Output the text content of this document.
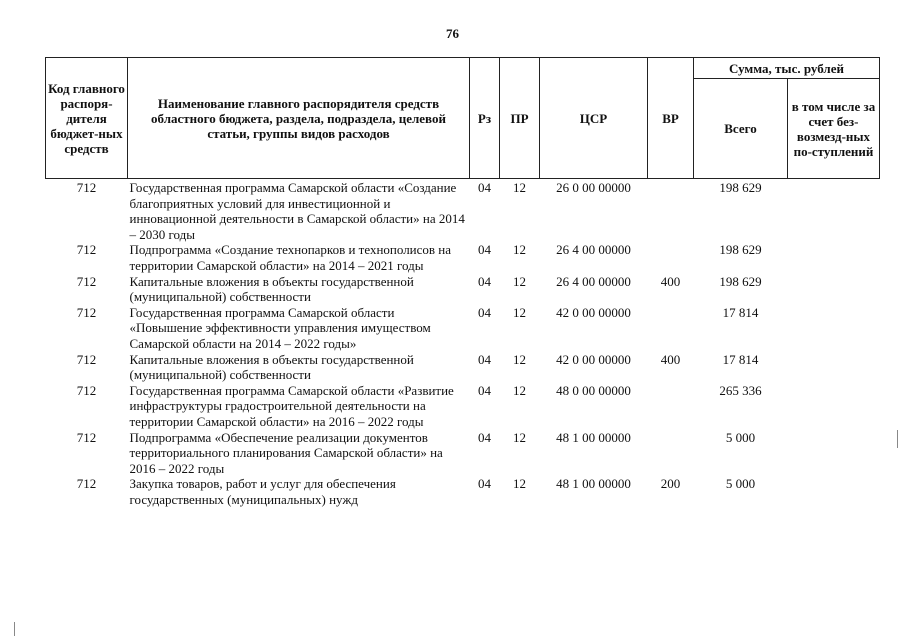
76
Код главного распоря-дителя бюджет-ных средств	Наименование главного распорядителя средств областного бюджета, раздела, подраздела, целевой статьи, группы видов расходов	Рз	ПР	ЦСР	ВР	Сумма, тыс. рублей	
						Всего	в том числе за счет без-возмезд-ных по-ступлений
712	Государственная программа Самарской области «Создание благоприятных условий для инвестиционной и инновационной деятельности в Самарской области» на 2014 – 2030 годы	04	12	26 0 00 00000		198 629	
712	Подпрограмма «Создание технопарков и технополисов на территории Самарской области» на 2014 – 2021 годы	04	12	26 4 00 00000		198 629	
712	Капитальные вложения в объекты государственной (муниципальной) собственности	04	12	26 4 00 00000	400	198 629	
712	Государственная программа Самарской области «Повышение эффективности управления имуществом Самарской области на 2014 – 2022 годы»	04	12	42 0 00 00000		17 814	
712	Капитальные вложения в объекты государственной (муниципальной) собственности	04	12	42 0 00 00000	400	17 814	
712	Государственная программа Самарской области «Развитие инфраструктуры градостроительной деятельности на территории Самарской области» на 2016 – 2022 годы	04	12	48 0 00 00000		265 336	
712	Подпрограмма «Обеспечение реализации документов территориального планирования Самарской области» на 2016 – 2022 годы	04	12	48 1 00 00000		5 000	
712	Закупка товаров, работ и услуг для обеспечения государственных (муниципальных) нужд	04	12	48 1 00 00000	200	5 000	
